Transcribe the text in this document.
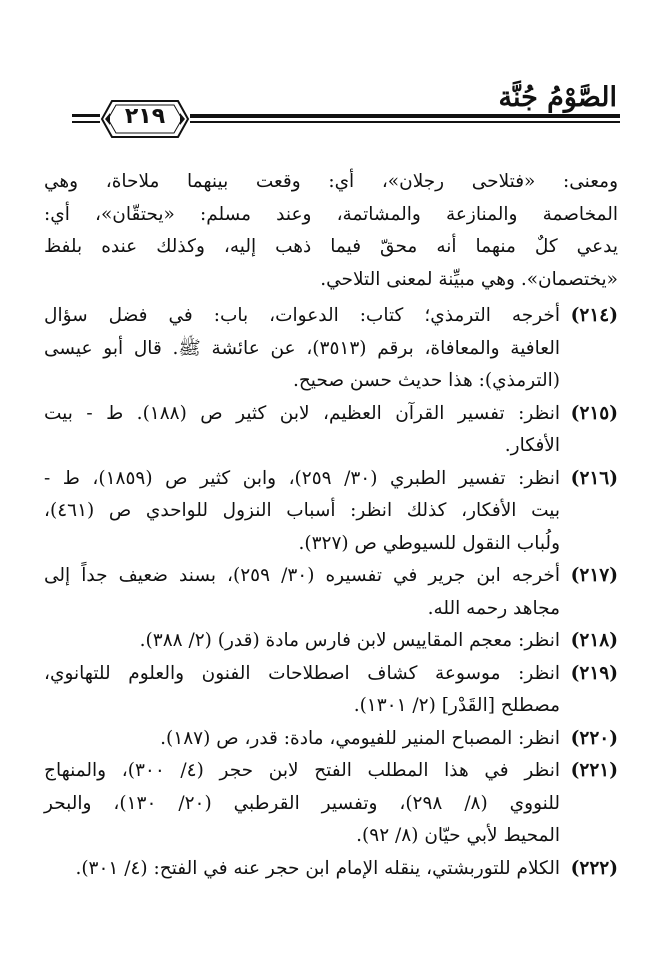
الصَّوْمُ جُنَّة
٢١٩
ومعنى: «فتلاحى رجلان»، أي: وقعت بينهما ملاحاة، وهي
المخاصمة والمنازعة والمشاتمة، وعند مسلم: «يحتقّان»، أي:
يدعي كلٌ منهما أنه محقّ فيما ذهب إليه، وكذلك عنده بلفظ
«يختصمان». وهي مبيِّنة لمعنى التلاحي.
(٢١٤)أخرجه الترمذي؛ كتاب: الدعوات، باب: في فضل سؤال
العافية والمعافاة، برقم (٣٥١٣)، عن عائشة ﷺ. قال أبو عيسى
(الترمذي): هذا حديث حسن صحيح.
(٢١٥)انظر: تفسير القرآن العظيم، لابن كثير ص (١٨٨). ط - بيت
الأفكار.
(٢١٦)انظر: تفسير الطبري (٣٠/ ٢٥٩)، وابن كثير ص (١٨٥٩)، ط -
بيت الأفكار، كذلك انظر: أسباب النزول للواحدي ص (٤٦١)،
ولُباب النقول للسيوطي ص (٣٢٧).
(٢١٧)أخرجه ابن جرير في تفسيره (٣٠/ ٢٥٩)، بسند ضعيف جداً إلى
مجاهد رحمه الله.
(٢١٨)انظر: معجم المقاييس لابن فارس مادة (قدر) (٢/ ٣٨٨).
(٢١٩)انظر: موسوعة كشاف اصطلاحات الفنون والعلوم للتهانوي،
مصطلح [القَدْر] (٢/ ١٣٠١).
(٢٢٠)انظر: المصباح المنير للفيومي، مادة: قدر، ص (١٨٧).
(٢٢١)انظر في هذا المطلب الفتح لابن حجر (٤/ ٣٠٠)، والمنهاج
للنووي (٨/ ٢٩٨)، وتفسير القرطبي (٢٠/ ١٣٠)، والبحر
المحيط لأبي حيّان (٨/ ٩٢).
(٢٢٢)الكلام للتوربشتي، ينقله الإمام ابن حجر عنه في الفتح: (٤/ ٣٠١).
